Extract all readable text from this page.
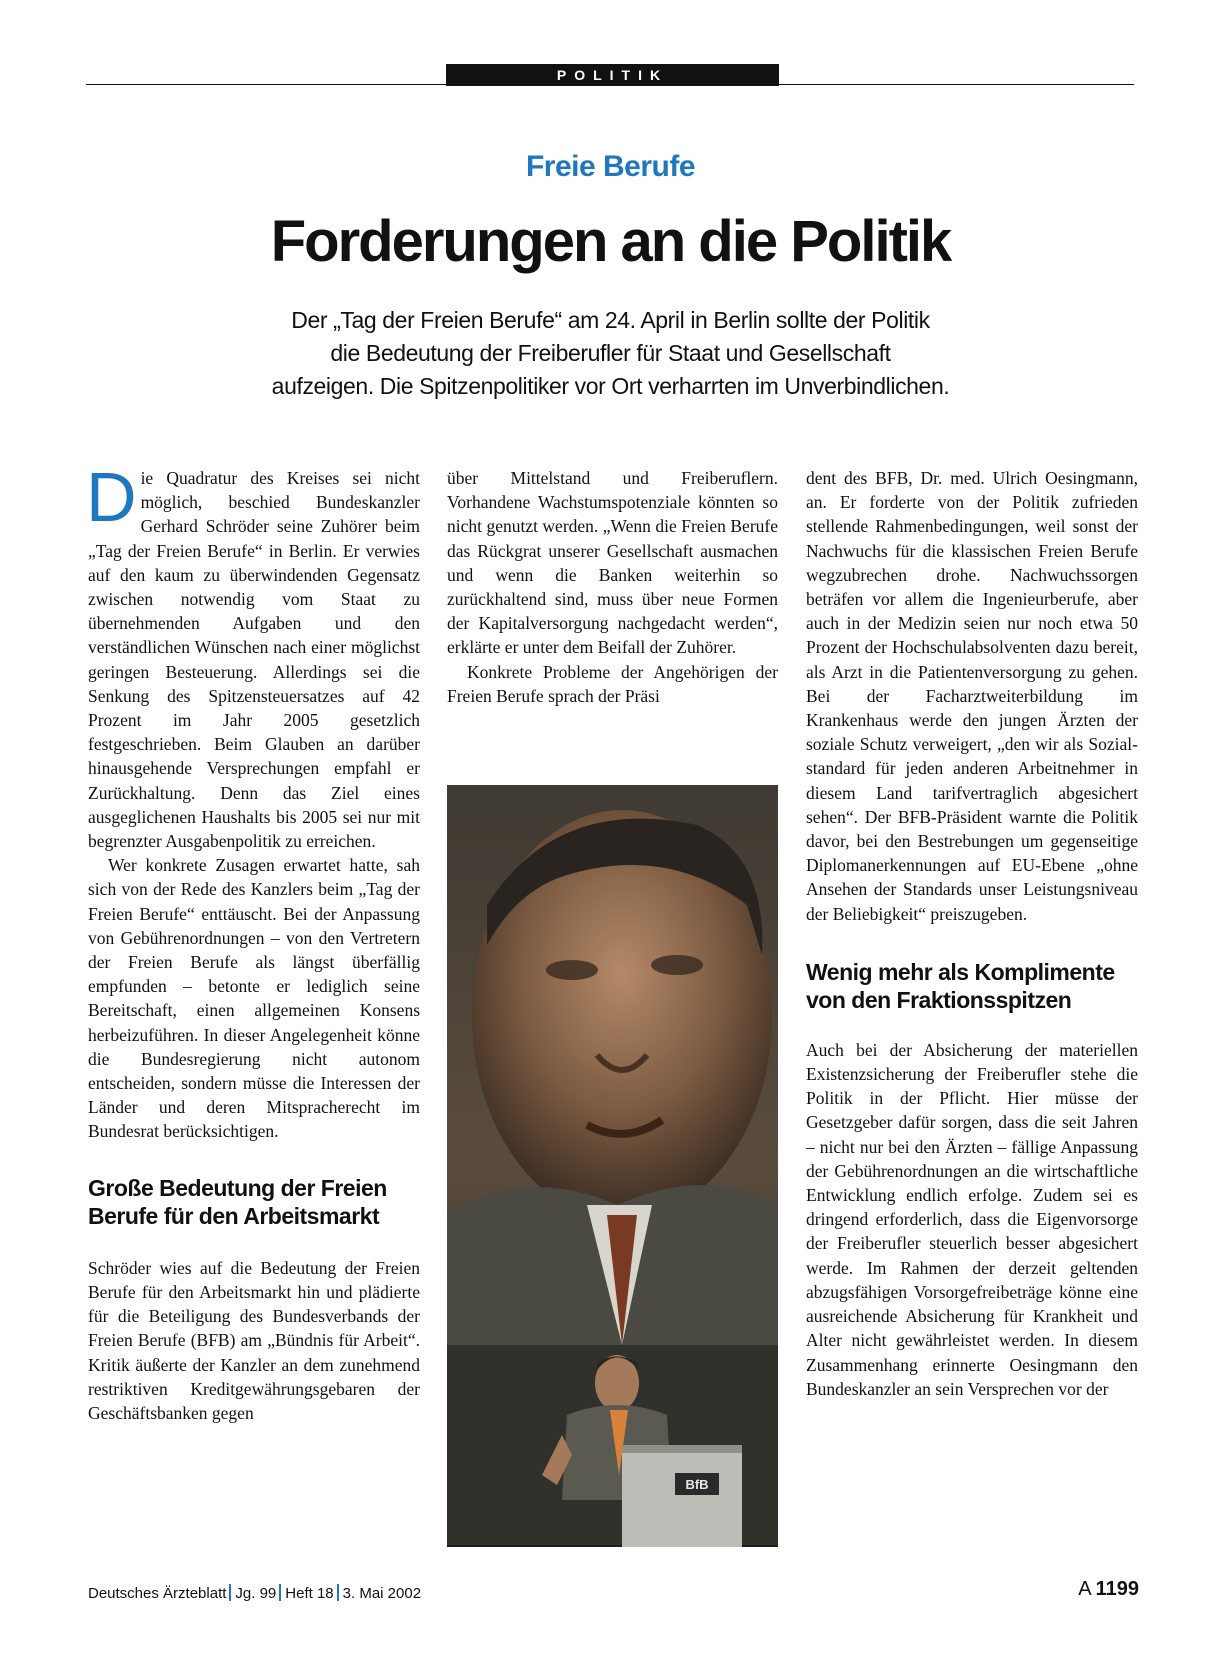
POLITIK
Freie Berufe
Forderungen an die Politik
Der „Tag der Freien Berufe“ am 24. April in Berlin sollte der Politik
die Bedeutung der Freiberufler für Staat und Gesellschaft
aufzeigen. Die Spitzenpolitiker vor Ort verharrten im Unverbindlichen.

Die Quadratur des Kreises sei nicht möglich, beschied Bundeskanzler Gerhard Schröder seine Zuhörer beim „Tag der Freien Berufe“ in Berlin. Er verwies auf den kaum zu überwindenden Gegensatz zwischen notwendig vom Staat zu übernehmenden Aufgaben und den verständlichen Wünschen nach einer möglichst geringen Besteuerung. Allerdings sei die Senkung des Spitzensteuersatzes auf 42 Prozent im Jahr 2005 gesetzlich festgeschrieben. Beim Glauben an darüber hinausgehende Versprechungen empfahl er Zurückhaltung. Denn das Ziel eines ausgeglichenen Haushalts bis 2005 sei nur mit begrenzter Ausgabenpolitik zu erreichen.

Wer konkrete Zusagen erwartet hatte, sah sich von der Rede des Kanzlers beim „Tag der Freien Berufe“ enttäuscht. Bei der Anpassung von Gebührenordnungen – von den Vertretern der Freien Berufe als längst überfällig empfunden – betonte er lediglich seine Bereitschaft, einen allgemeinen Konsens herbeizuführen. In dieser Angelegenheit könne die Bundesregierung nicht autonom entscheiden, sondern müsse die Interessen der Länder und deren Mitspracherecht im Bundesrat berücksichtigen.

Große Bedeutung der Freien Berufe für den Arbeitsmarkt

Schröder wies auf die Bedeutung der Freien Berufe für den Arbeitsmarkt hin und plädierte für die Beteiligung des Bundesverbands der Freien Berufe (BFB) am „Bündnis für Arbeit“. Kritik äußerte der Kanzler an dem zunehmend restriktiven Kreditgewährungsgebaren der Geschäftsbanken gegen

über Mittelstand und Freiberuflern. Vorhandene Wachstumspotenziale könnten so nicht genutzt werden. „Wenn die Freien Berufe das Rückgrat unserer Gesellschaft ausmachen und wenn die Banken weiterhin so zurückhaltend sind, muss über neue Formen der Kapitalversorgung nachgedacht werden“, erklärte er unter dem Beifall der Zuhörer.

Konkrete Probleme der Angehörigen der Freien Berufe sprach der Präsi

BfB

dent des BFB, Dr. med. Ulrich Oesingmann, an. Er forderte von der Politik zufrieden stellende Rahmenbedingungen, weil sonst der Nachwuchs für die klassischen Freien Berufe wegzubrechen drohe. Nachwuchssorgen beträfen vor allem die Ingenieurberufe, aber auch in der Medizin seien nur noch etwa 50 Prozent der Hochschulabsolventen dazu bereit, als Arzt in die Patientenversorgung zu gehen. Bei der Facharztweiterbildung im Krankenhaus werde den jungen Ärzten der soziale Schutz verweigert, „den wir als Sozialstandard für jeden anderen Arbeitnehmer in diesem Land tarifvertraglich abgesichert sehen“. Der BFB-Präsident warnte die Politik davor, bei den Bestrebungen um gegenseitige Diplomanerkennungen auf EU-Ebene „ohne Ansehen der Standards unser Leistungsniveau der Beliebigkeit“ preiszugeben.

Wenig mehr als Komplimente von den Fraktionsspitzen

Auch bei der Absicherung der materiellen Existenzsicherung der Freiberufler stehe die Politik in der Pflicht. Hier müsse der Gesetzgeber dafür sorgen, dass die seit Jahren – nicht nur bei den Ärzten – fällige Anpassung der Gebührenordnungen an die wirtschaftliche Entwicklung endlich erfolge. Zudem sei es dringend erforderlich, dass die Eigenvorsorge der Freiberufler steuerlich besser abgesichert werde. Im Rahmen der derzeit geltenden abzugsfähigen Vorsorgefreibeträge könne eine ausreichende Absicherung für Krankheit und Alter nicht gewährleistet werden. In diesem Zusammenhang erinnerte Oesingmann den Bundeskanzler an sein Versprechen vor der

Deutsches Ärzteblatt Jg. 99 Heft 18 3. Mai 2002	A 1199
